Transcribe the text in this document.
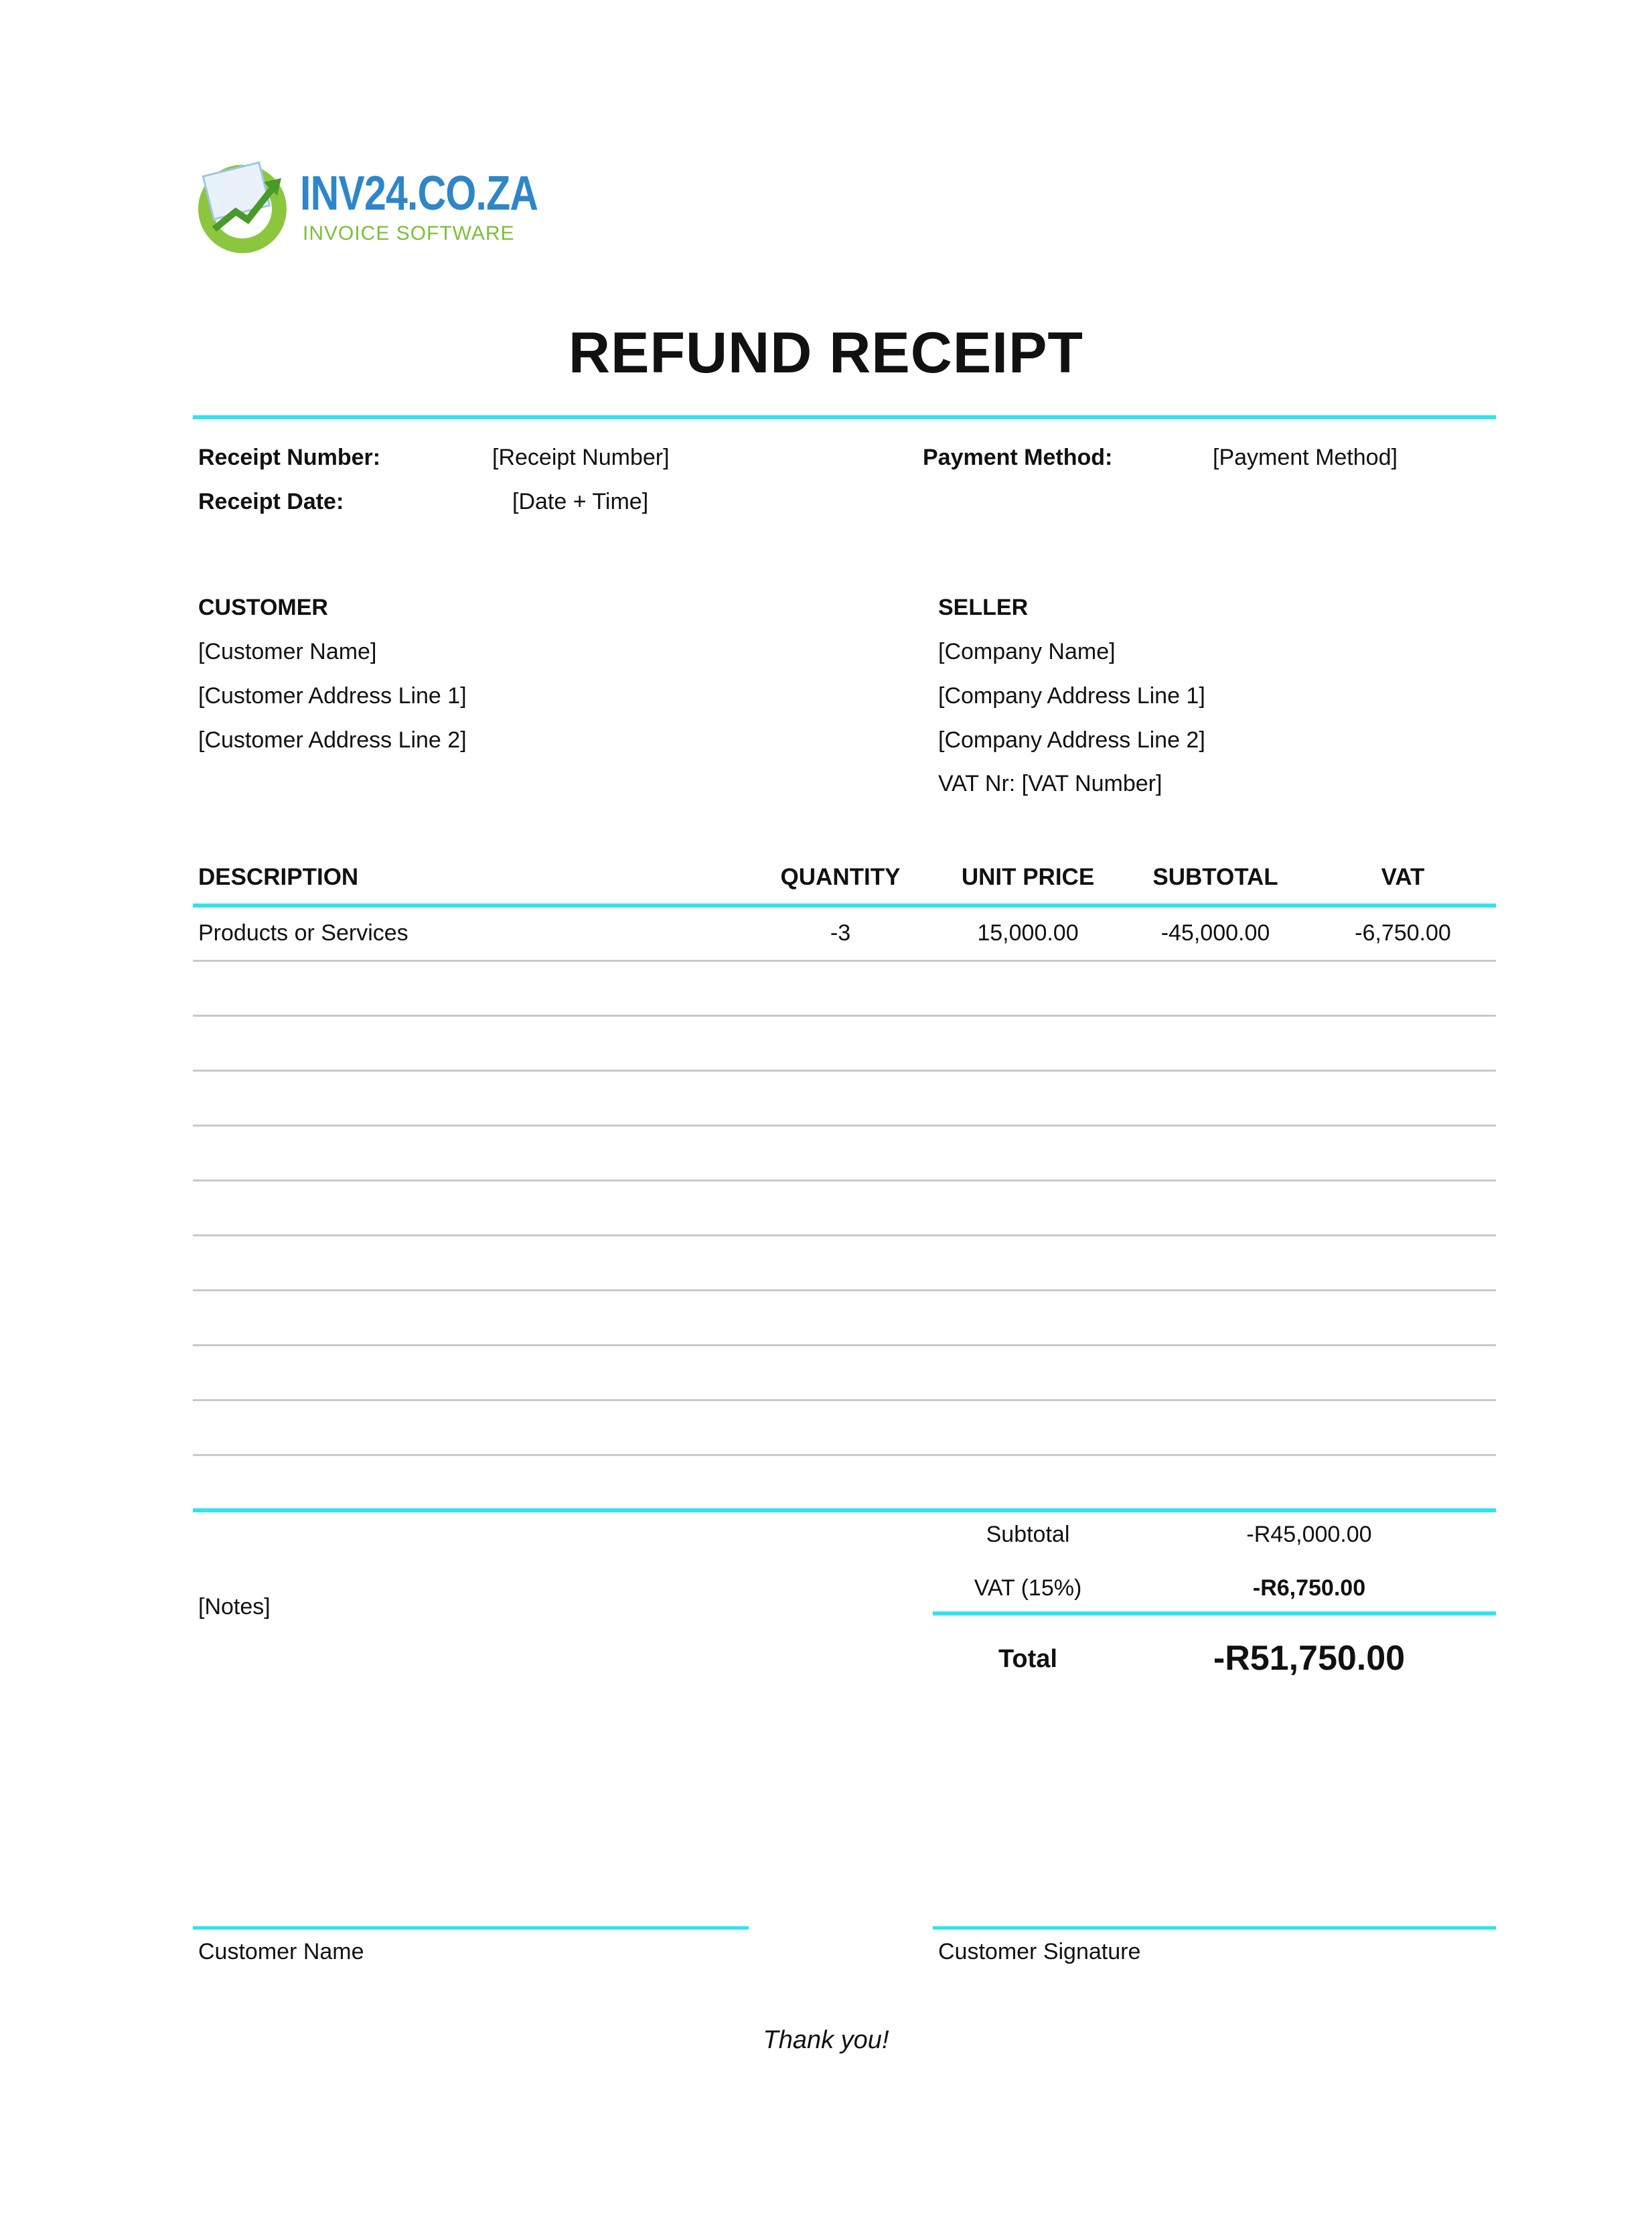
INV24.CO.ZA
INVOICE SOFTWARE
REFUND RECEIPT
Receipt Number:	[Receipt Number]	Payment Method:	[Payment Method]
Receipt Date:	[Date + Time]
CUSTOMER
[Customer Name]
[Customer Address Line 1]
[Customer Address Line 2]
SELLER
[Company Name]
[Company Address Line 1]
[Company Address Line 2]
VAT Nr: [VAT Number]
DESCRIPTION	QUANTITY	UNIT PRICE	SUBTOTAL	VAT
Products or Services	-3	15,000.00	-45,000.00	-6,750.00
[Notes]
Subtotal	-R45,000.00
VAT (15%)	-R6,750.00
Total	-R51,750.00
Customer Name	Customer Signature
Thank you!
